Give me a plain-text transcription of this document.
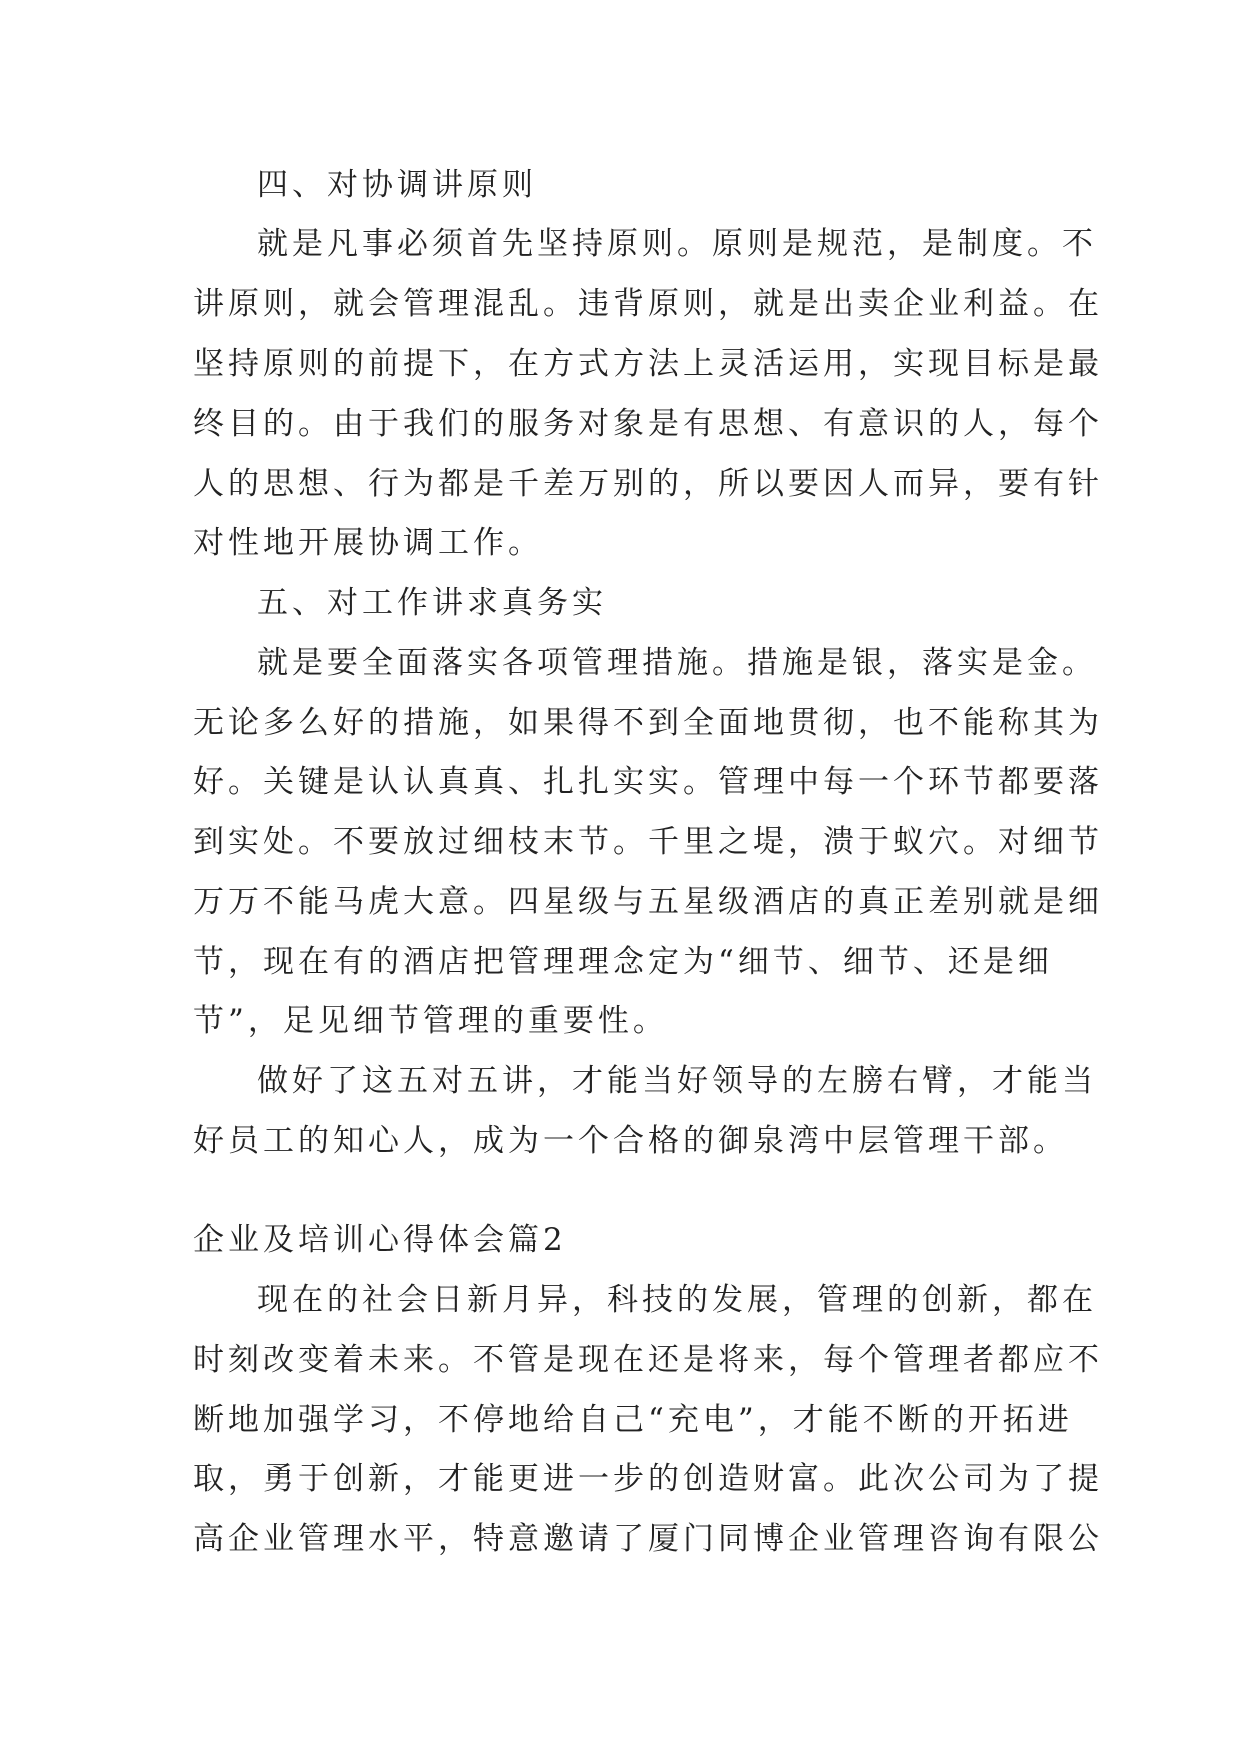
四、对协调讲原则
就是凡事必须首先坚持原则。原则是规范，是制度。不
讲原则，就会管理混乱。违背原则，就是出卖企业利益。在
坚持原则的前提下，在方式方法上灵活运用，实现目标是最
终目的。由于我们的服务对象是有思想、有意识的人，每个
人的思想、行为都是千差万别的，所以要因人而异，要有针
对性地开展协调工作。
五、对工作讲求真务实
就是要全面落实各项管理措施。措施是银，落实是金。
无论多么好的措施，如果得不到全面地贯彻，也不能称其为
好。关键是认认真真、扎扎实实。管理中每一个环节都要落
到实处。不要放过细枝末节。千里之堤，溃于蚁穴。对细节
万万不能马虎大意。四星级与五星级酒店的真正差别就是细
节，现在有的酒店把管理理念定为“细节、细节、还是细
节”，足见细节管理的重要性。
做好了这五对五讲，才能当好领导的左膀右臂，才能当
好员工的知心人，成为一个合格的御泉湾中层管理干部。
企业及培训心得体会篇2
现在的社会日新月异，科技的发展，管理的创新，都在
时刻改变着未来。不管是现在还是将来，每个管理者都应不
断地加强学习，不停地给自己“充电”，才能不断的开拓进
取，勇于创新，才能更进一步的创造财富。此次公司为了提
高企业管理水平，特意邀请了厦门同博企业管理咨询有限公
